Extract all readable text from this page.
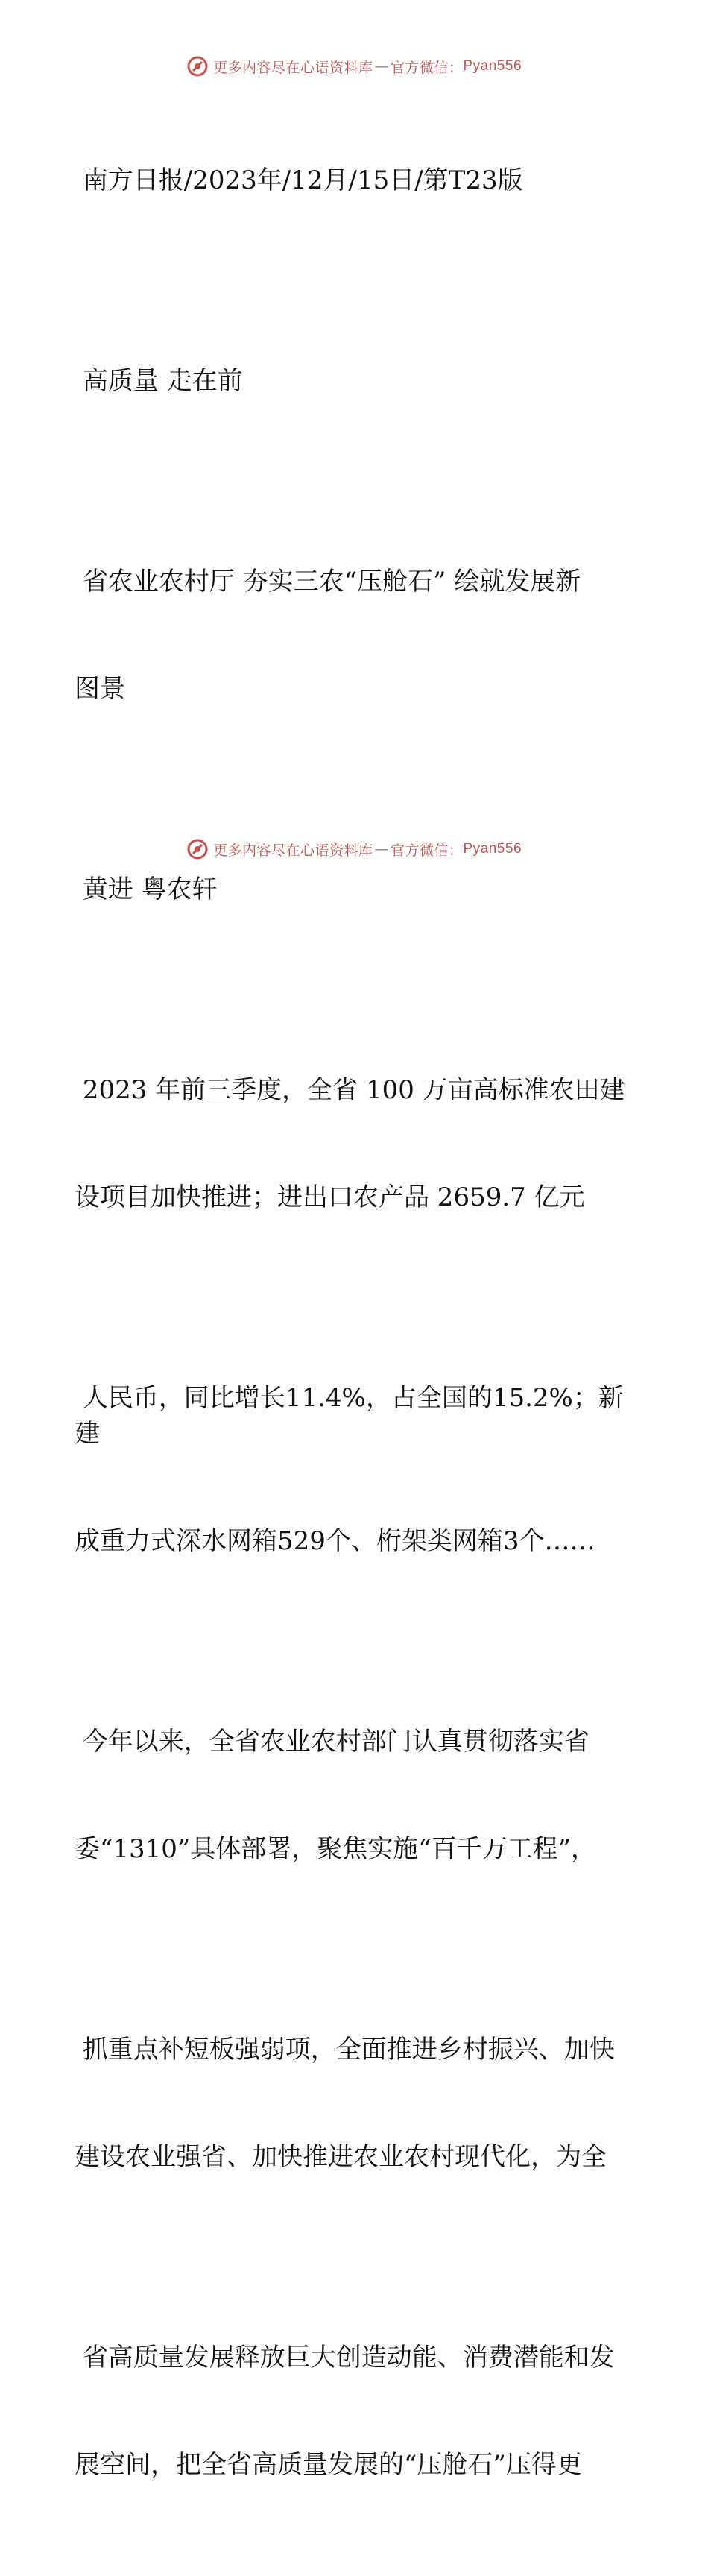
更多内容尽在心语资料库 — 官方微信： Pyan556

南方日报/2023年/12月/15日/第T23版

高质量 走在前

省农业农村厅 夯实三农“压舱石” 绘就发展新

图景

黄进 粤农轩

2023 年前三季度，全省 100 万亩高标准农田建

设项目加快推进；进出口农产品 2659.7 亿元

人民币，同比增长11.4%，占全国的15.2%；新建

成重力式深水网箱529个、桁架类网箱3个……

今年以来，全省农业农村部门认真贯彻落实省

委“1310”具体部署，聚焦实施“百千万工程”，

抓重点补短板强弱项，全面推进乡村振兴、加快

建设农业强省、加快推进农业农村现代化，为全

省高质量发展释放巨大创造动能、消费潜能和发

展空间，把全省高质量发展的“压舱石”压得更

更多内容尽在心语资料库 — 官方微信： Pyan556
